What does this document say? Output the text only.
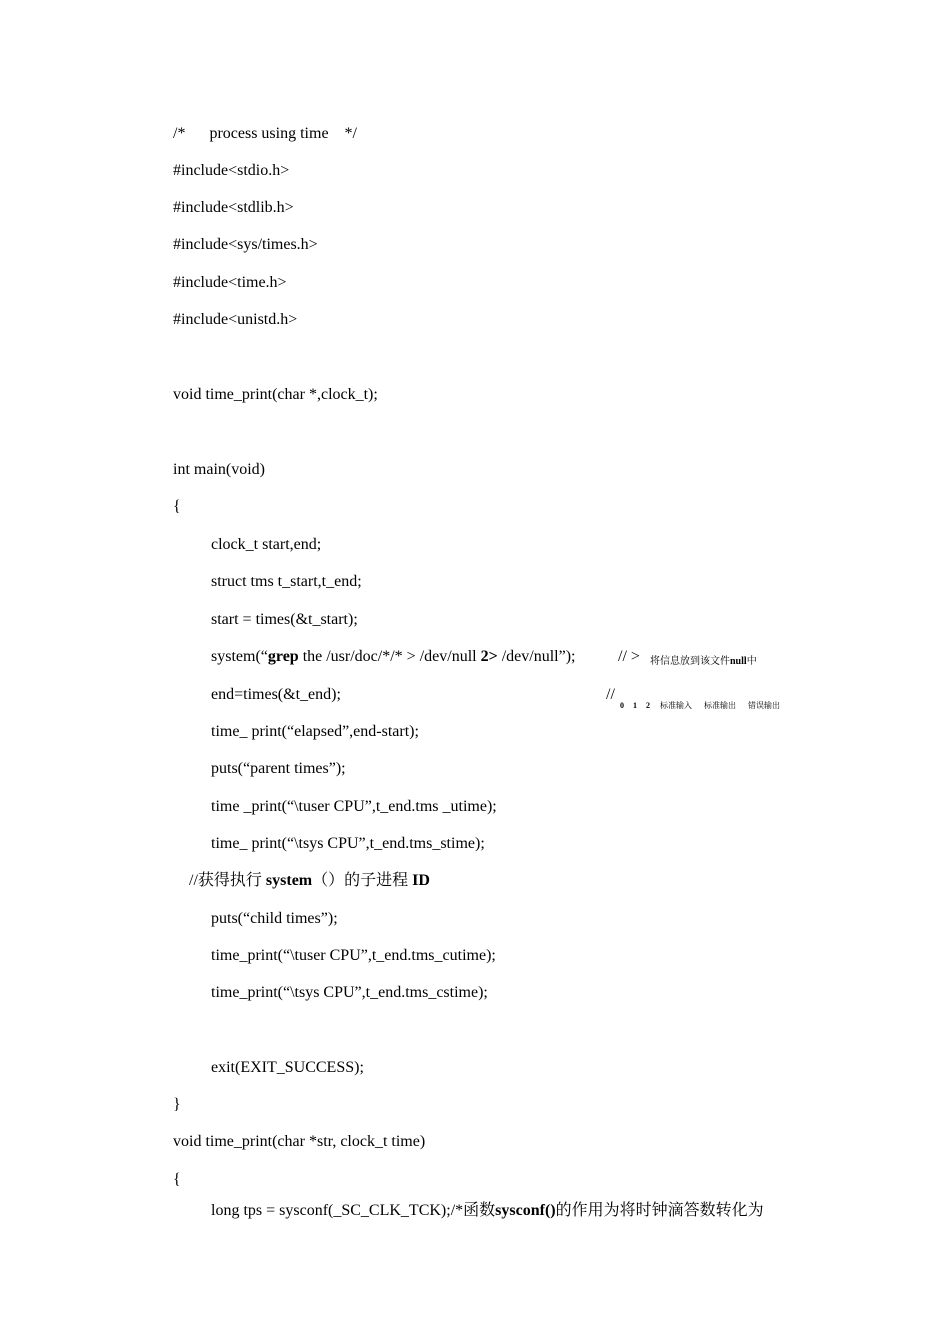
/*      process using time    */
#include<stdio.h>
#include<stdlib.h>
#include<sys/times.h>
#include<time.h>
#include<unistd.h>
void time_print(char *,clock_t);
int main(void)
{
clock_t start,end;
struct tms t_start,t_end;
start = times(&t_start);
system(“grep the /usr/doc/*/* > /dev/null 2> /dev/null”);	// > 将信息放到该文件null中
end=times(&t_end);	//
0 1 2 标准输入 标准输出 错误输出
time_ print(“elapsed”,end-start);
puts(“parent times”);
time _print(“\tuser CPU”,t_end.tms _utime);
time_ print(“\tsys CPU”,t_end.tms_stime);
//获得执行 system（）的子进程 ID
puts(“child times”);
time_print(“\tuser CPU”,t_end.tms_cutime);
time_print(“\tsys CPU”,t_end.tms_cstime);
exit(EXIT_SUCCESS);
}
void time_print(char *str, clock_t time)
{
long tps = sysconf(_SC_CLK_TCK);/*函数sysconf()的作用为将时钟滴答数转化为
